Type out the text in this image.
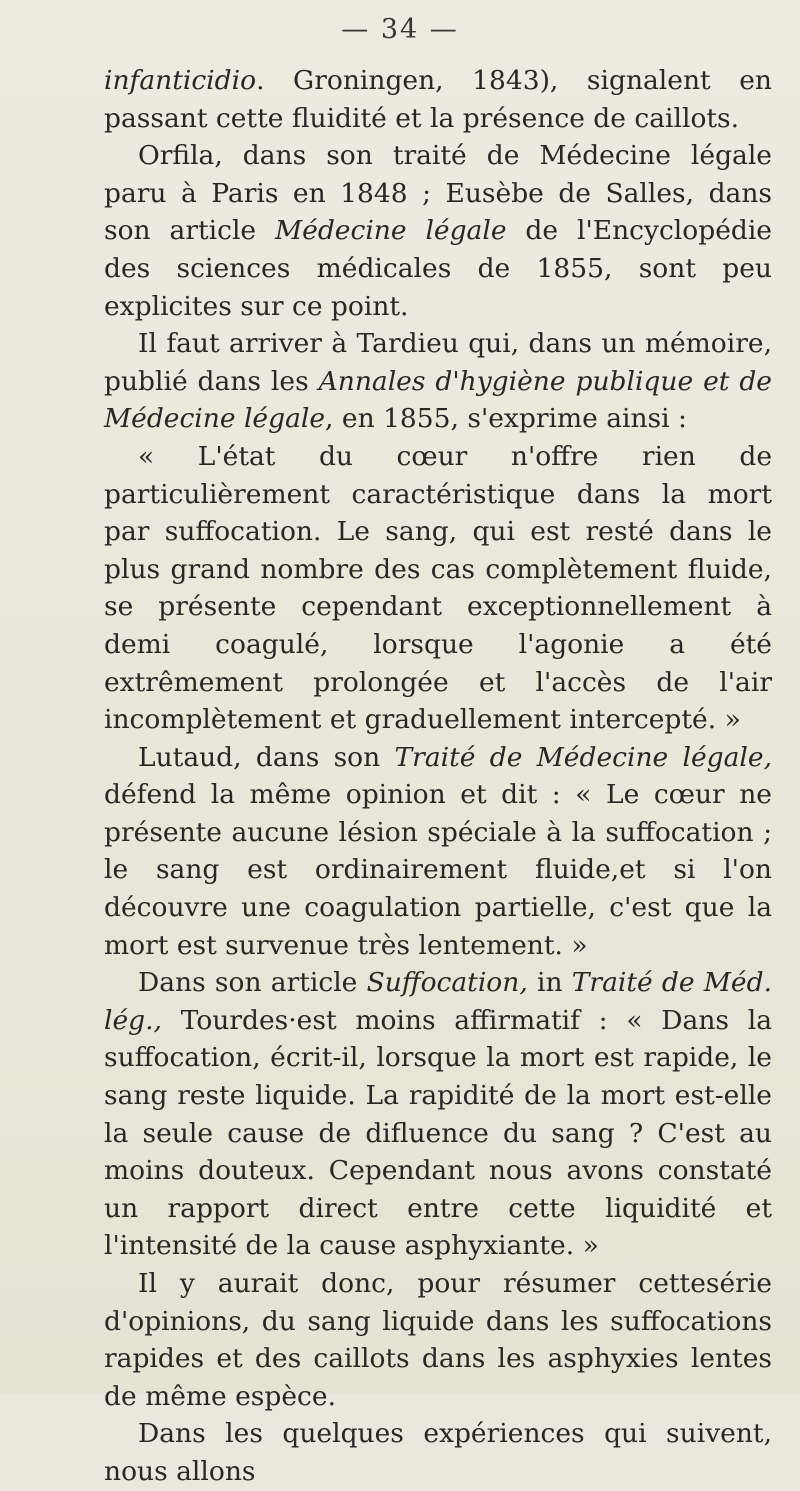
— 34 —

infanticidio. Groningen, 1843), signalent en passant cette fluidité et la présence de caillots.

Orfila, dans son traité de Médecine légale paru à Paris en 1848 ; Eusèbe de Salles, dans son article Médecine légale de l'Encyclopédie des sciences médicales de 1855, sont peu explicites sur ce point.

Il faut arriver à Tardieu qui, dans un mémoire, publié dans les Annales d'hygiène publique et de Médecine légale, en 1855, s'exprime ainsi :

« L'état du cœur n'offre rien de particulièrement caractéristique dans la mort par suffocation. Le sang, qui est resté dans le plus grand nombre des cas complètement fluide, se présente cependant exceptionnellement à demi coagulé, lorsque l'agonie a été extrêmement prolongée et l'accès de l'air incomplètement et graduellement intercepté. »

Lutaud, dans son Traité de Médecine légale, défend la même opinion et dit : « Le cœur ne présente aucune lésion spéciale à la suffocation ; le sang est ordinairement fluide,et si l'on découvre une coagulation partielle, c'est que la mort est survenue très lentement. »

Dans son article Suffocation, in Traité de Méd. lég., Tourdes·est moins affirmatif : « Dans la suffocation, écrit-il, lorsque la mort est rapide, le sang reste liquide. La rapidité de la mort est-elle la seule cause de difluence du sang ? C'est au moins douteux. Cependant nous avons constaté un rapport direct entre cette liquidité et l'intensité de la cause asphyxiante. »

Il y aurait donc, pour résumer cettesérie d'opinions, du sang liquide dans les suffocations rapides et des caillots dans les asphyxies lentes de même espèce.

Dans les quelques expériences qui suivent, nous allons
